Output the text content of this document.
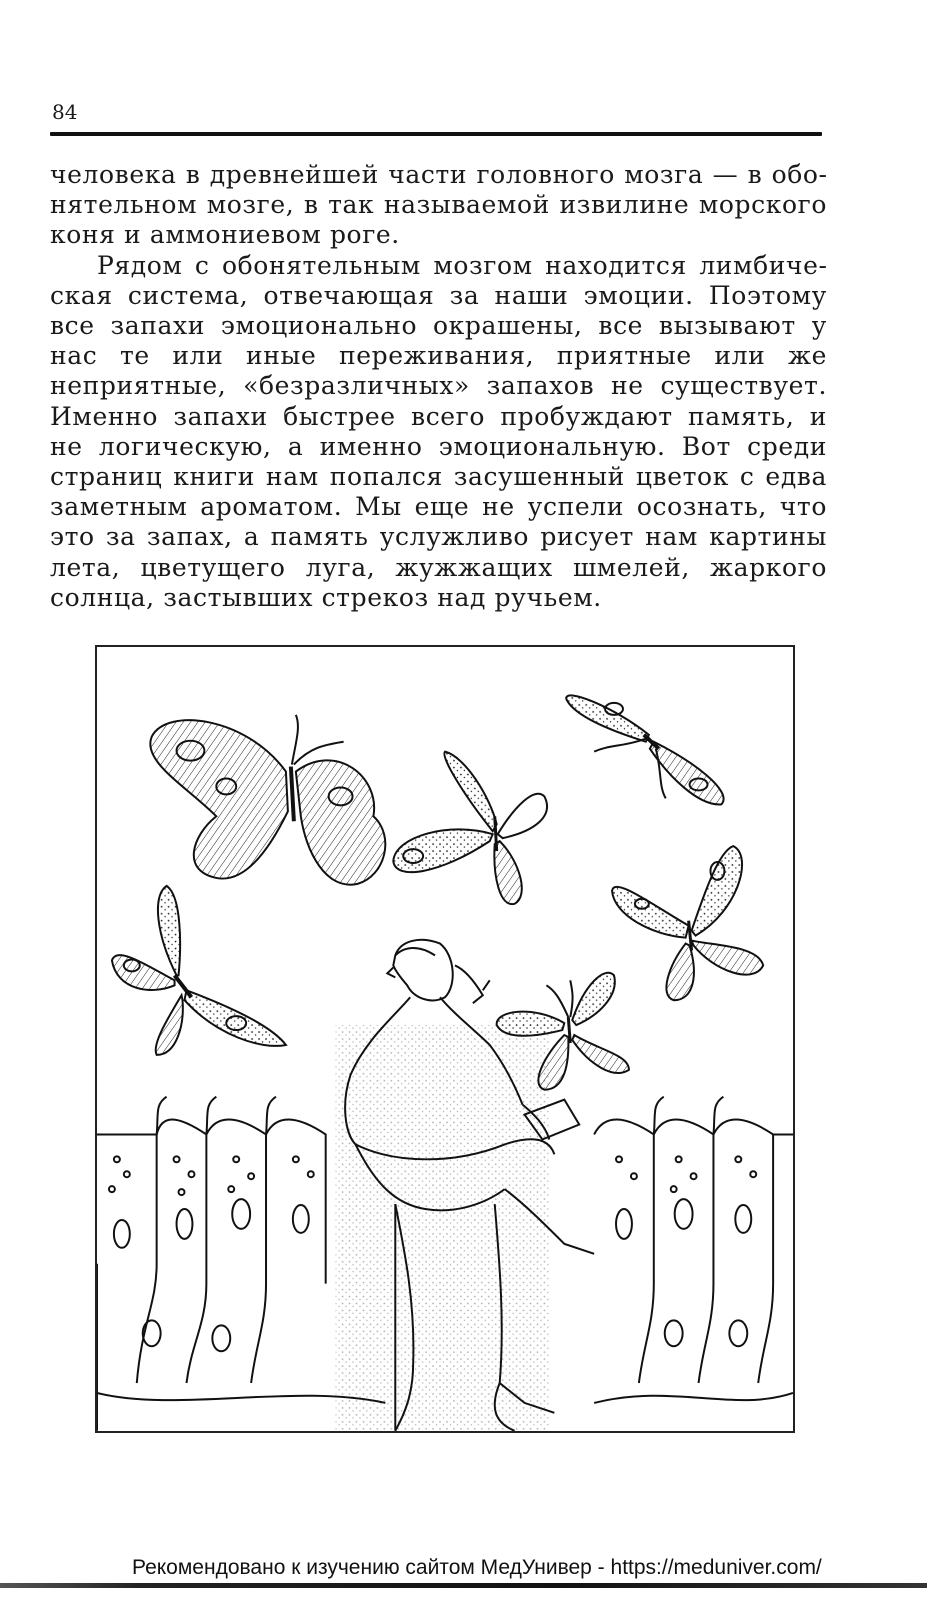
84

человека в древнейшей части головного мозга — в обонятельном мозге, в так называемой извилине морского коня и аммониевом роге.

Рядом с обонятельным мозгом находится лимбическая система, отвечающая за наши эмоции. Поэтому все запахи эмоционально окрашены, все вызывают у нас те или иные переживания, приятные или же неприятные, «безразличных» запахов не существует. Именно запахи быстрее всего пробуждают память, и не логическую, а именно эмоциональную. Вот среди страниц книги нам попался засушенный цветок с едва заметным ароматом. Мы еще не успели осознать, что это за запах, а память услужливо рисует нам картины лета, цветущего луга, жужжащих шмелей, жаркого солнца, застывших стрекоз над ручьем.

Рекомендовано к изучению сайтом МедУнивер - https://meduniver.com/
